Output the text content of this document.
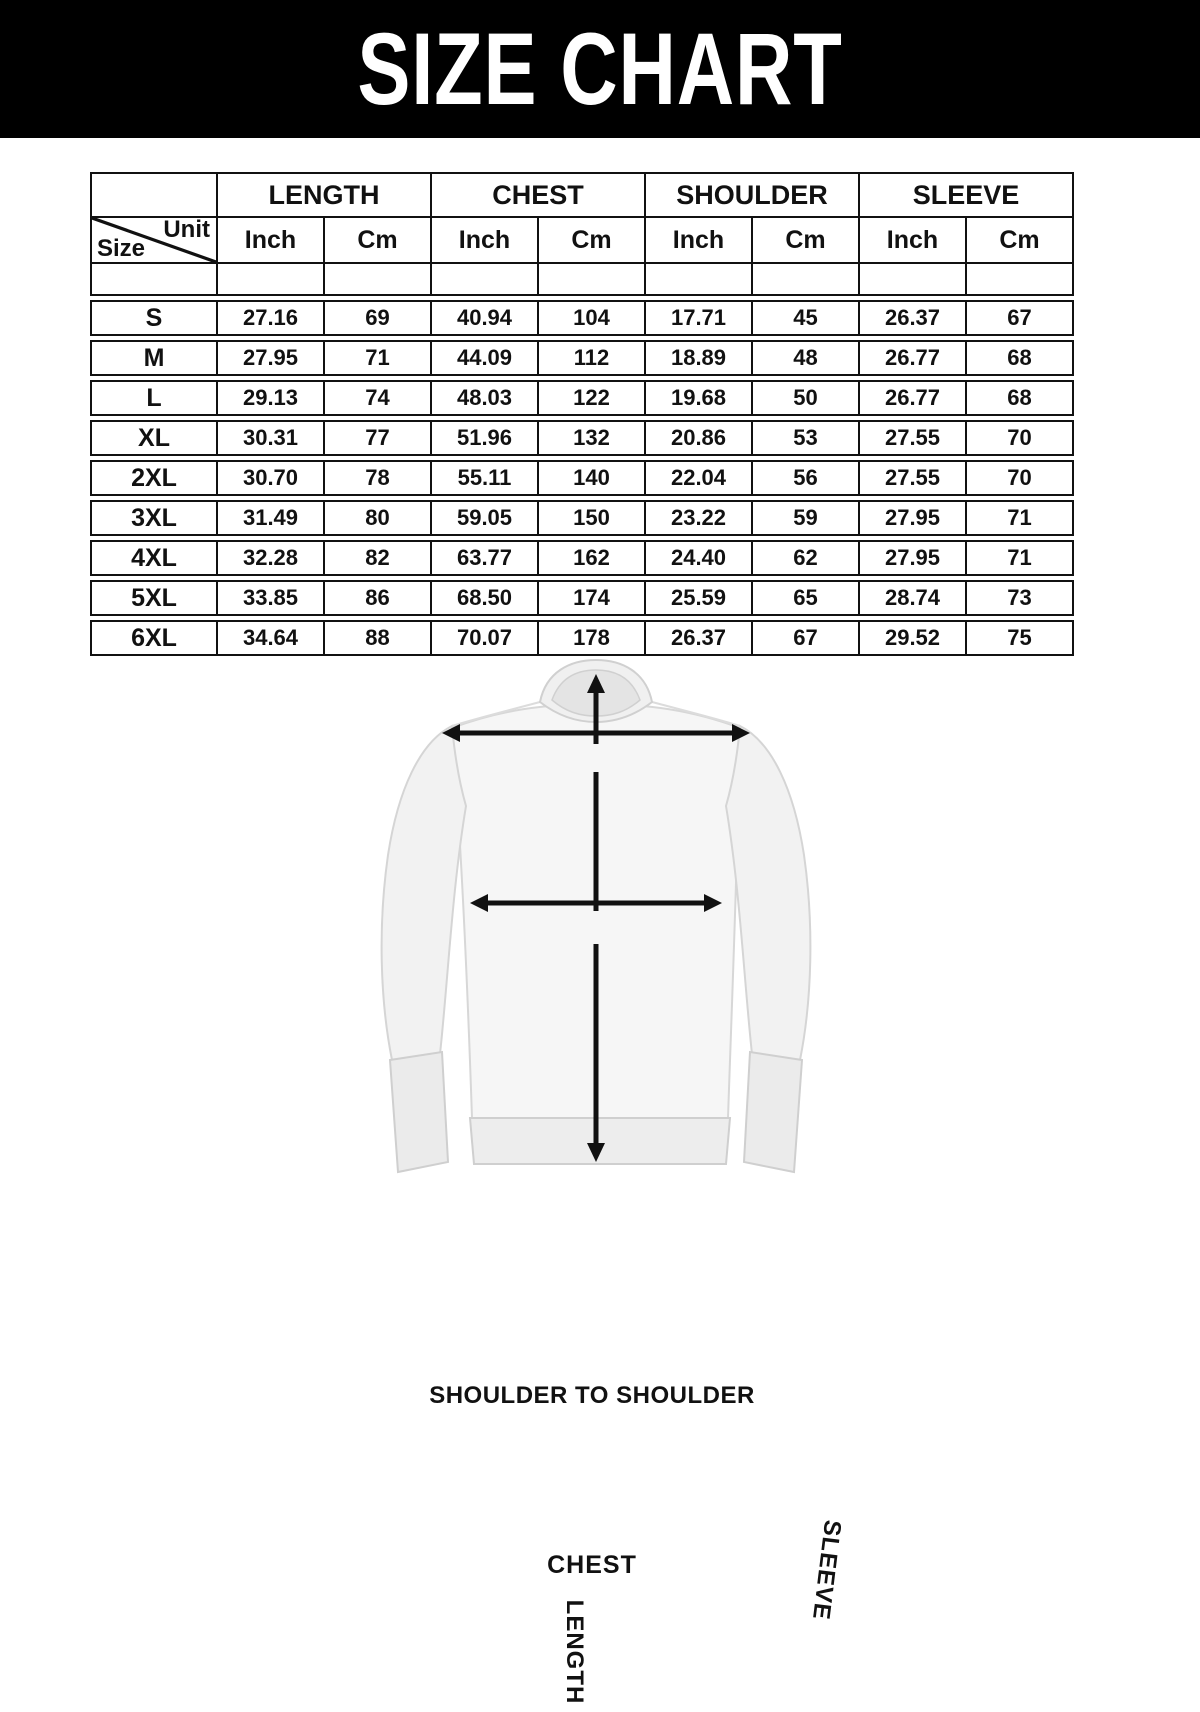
SIZE CHART
LENGTH	CHEST	SHOULDER	SLEEVE
Unit
Size	Inch	Cm	Inch	Cm	Inch	Cm	Inch	Cm
S	27.16	69	40.94	104	17.71	45	26.37	67
M	27.95	71	44.09	112	18.89	48	26.77	68
L	29.13	74	48.03	122	19.68	50	26.77	68
XL	30.31	77	51.96	132	20.86	53	27.55	70
2XL	30.70	78	55.11	140	22.04	56	27.55	70
3XL	31.49	80	59.05	150	23.22	59	27.95	71
4XL	32.28	82	63.77	162	24.40	62	27.95	71
5XL	33.85	86	68.50	174	25.59	65	28.74	73
6XL	34.64	88	70.07	178	26.37	67	29.52	75
SHOULDER TO SHOULDER
CHEST
LENGTH
SLEEVE
